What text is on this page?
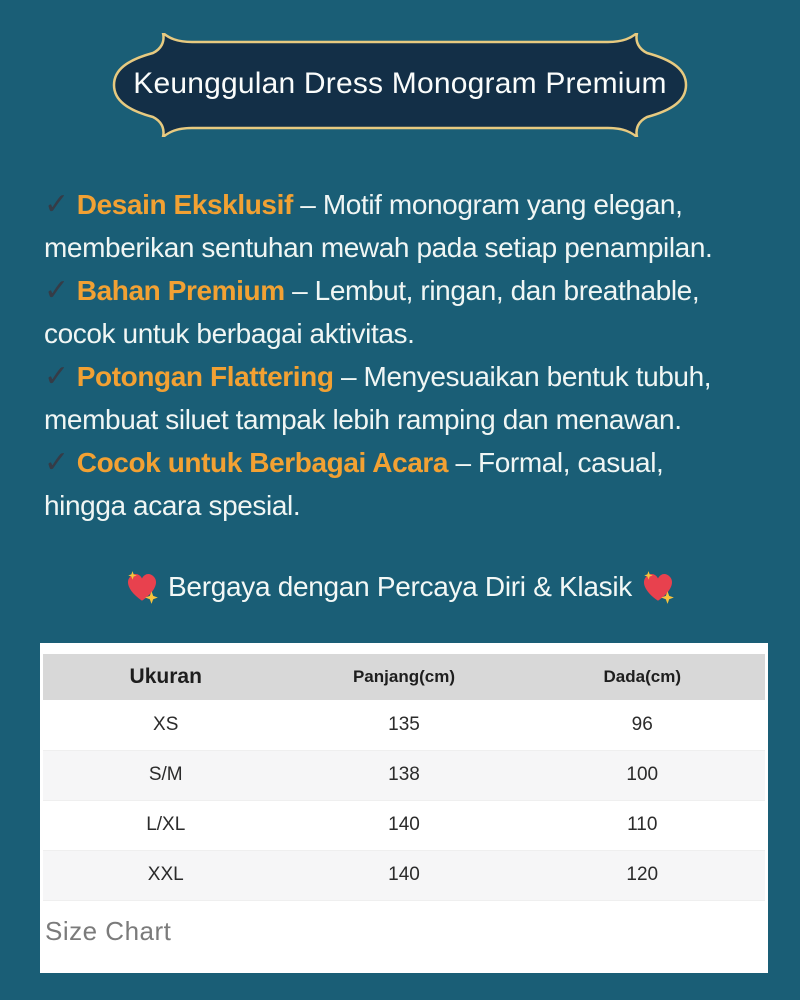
Keunggulan Dress Monogram Premium

✓ Desain Eksklusif – Motif monogram yang elegan, memberikan sentuhan mewah pada setiap penampilan.

✓ Bahan Premium – Lembut, ringan, dan breathable, cocok untuk berbagai aktivitas.

✓ Potongan Flattering – Menyesuaikan bentuk tubuh, membuat siluet tampak lebih ramping dan menawan.

✓ Cocok untuk Berbagai Acara – Formal, casual, hingga acara spesial.

Bergaya dengan Percaya Diri & Klasik
Ukuran	Panjang(cm)	Dada(cm)
XS	135	96
S/M	138	100
L/XL	140	110
XXL	140	120

Size Chart
